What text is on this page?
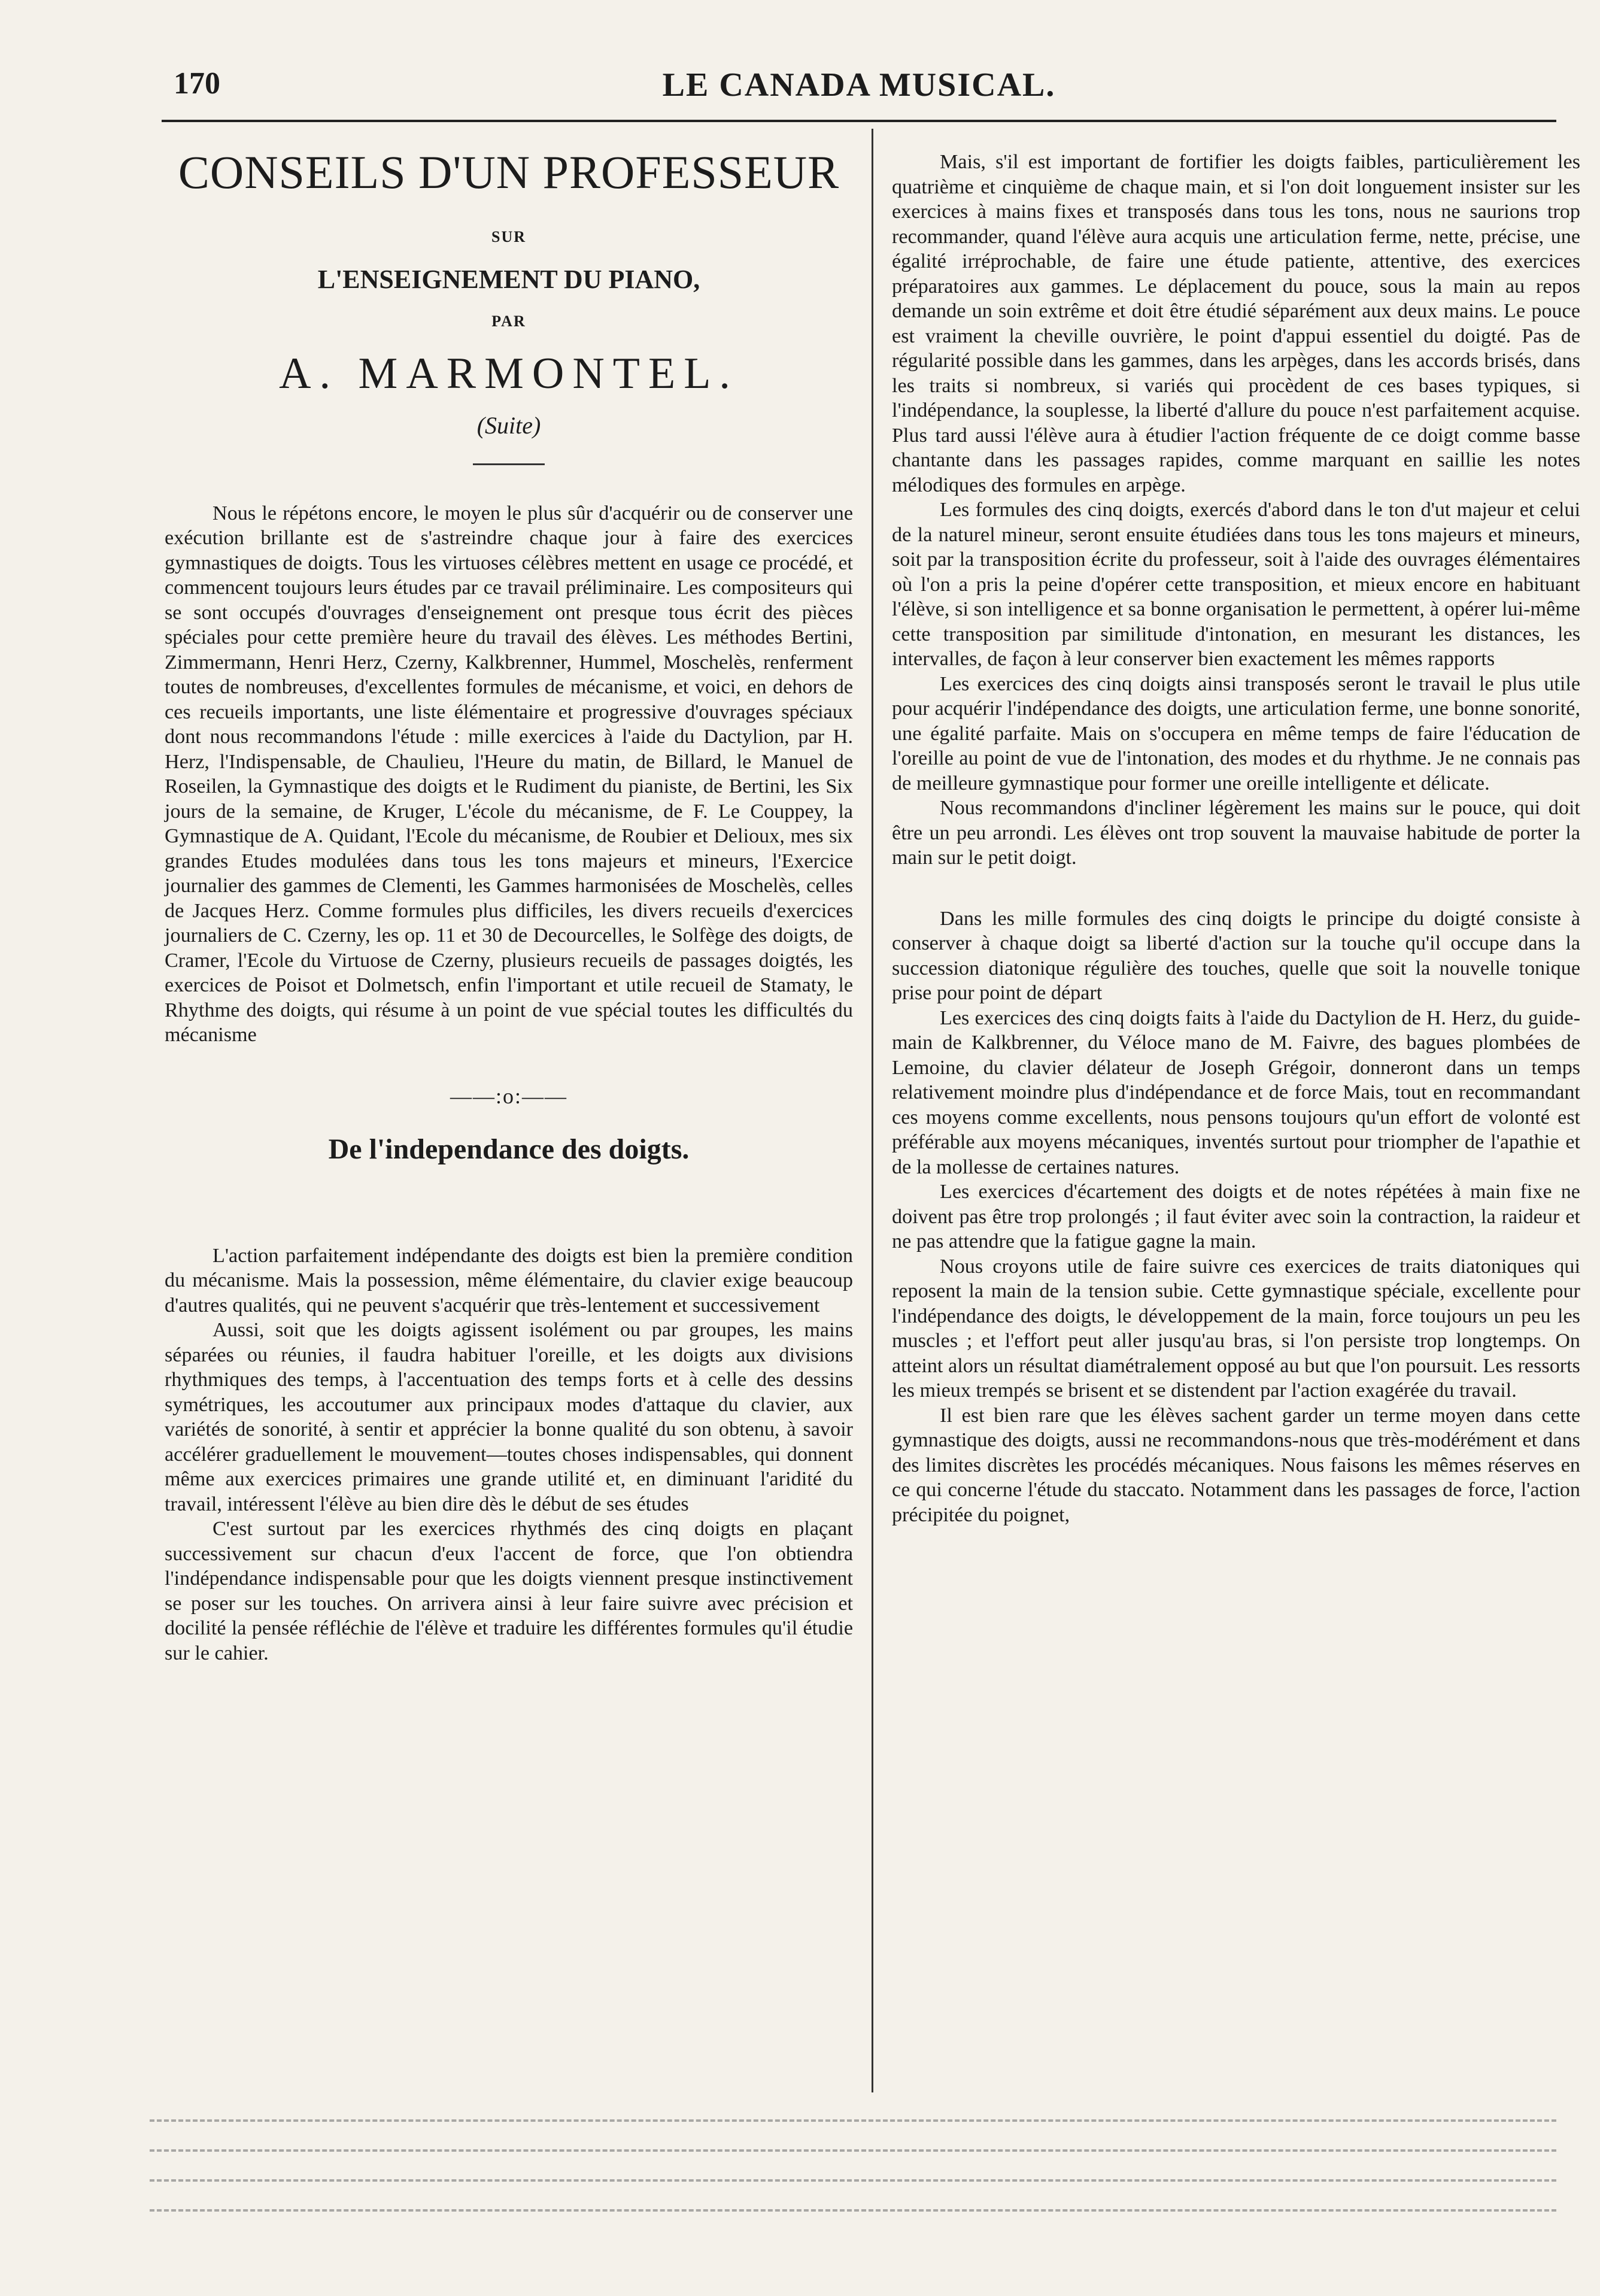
170	LE CANADA MUSICAL.
CONSEILS D'UN PROFESSEUR
SUR
L'ENSEIGNEMENT DU PIANO,
PAR
A. MARMONTEL.
(Suite)

Nous le répétons encore, le moyen le plus sûr d'acquérir ou de conserver une exécution brillante est de s'astreindre chaque jour à faire des exercices gymnastiques de doigts. Tous les virtuoses célèbres mettent en usage ce procédé, et commencent toujours leurs études par ce travail préliminaire. Les compositeurs qui se sont occupés d'ouvrages d'enseignement ont presque tous écrit des pièces spéciales pour cette première heure du travail des élèves. Les méthodes Bertini, Zimmermann, Henri Herz, Czerny, Kalkbrenner, Hummel, Moschelès, renferment toutes de nombreuses, d'excellentes formules de mécanisme, et voici, en dehors de ces recueils importants, une liste élémentaire et progressive d'ouvrages spéciaux dont nous recommandons l'étude : mille exercices à l'aide du Dactylion, par H. Herz, l'Indispensable, de Chaulieu, l'Heure du matin, de Billard, le Manuel de Roseilen, la Gymnastique des doigts et le Rudiment du pianiste, de Bertini, les Six jours de la semaine, de Kruger, L'école du mécanisme, de F. Le Couppey, la Gymnastique de A. Quidant, l'Ecole du mécanisme, de Roubier et Delioux, mes six grandes Etudes modulées dans tous les tons majeurs et mineurs, l'Exercice journalier des gammes de Clementi, les Gammes harmonisées de Moschelès, celles de Jacques Herz. Comme formules plus difficiles, les divers recueils d'exercices journaliers de C. Czerny, les op. 11 et 30 de Decourcelles, le Solfège des doigts, de Cramer, l'Ecole du Virtuose de Czerny, plusieurs recueils de passages doigtés, les exercices de Poisot et Dolmetsch, enfin l'important et utile recueil de Stamaty, le Rhythme des doigts, qui résume à un point de vue spécial toutes les difficultés du mécanisme

——:o:——
De l'independance des doigts.

L'action parfaitement indépendante des doigts est bien la première condition du mécanisme. Mais la possession, même élémentaire, du clavier exige beaucoup d'autres qualités, qui ne peuvent s'acquérir que très-lentement et successivement

Aussi, soit que les doigts agissent isolément ou par groupes, les mains séparées ou réunies, il faudra habituer l'oreille, et les doigts aux divisions rhythmiques des temps, à l'accentuation des temps forts et à celle des dessins symétriques, les accoutumer aux principaux modes d'attaque du clavier, aux variétés de sonorité, à sentir et apprécier la bonne qualité du son obtenu, à savoir accélérer graduellement le mouvement—toutes choses indispensables, qui donnent même aux exercices primaires une grande utilité et, en diminuant l'aridité du travail, intéressent l'élève au bien dire dès le début de ses études

C'est surtout par les exercices rhythmés des cinq doigts en plaçant successivement sur chacun d'eux l'accent de force, que l'on obtiendra l'indépendance indispensable pour que les doigts viennent presque instinctivement se poser sur les touches. On arrivera ainsi à leur faire suivre avec précision et docilité la pensée réfléchie de l'élève et traduire les différentes formules qu'il étudie sur le cahier.

Mais, s'il est important de fortifier les doigts faibles, particulièrement les quatrième et cinquième de chaque main, et si l'on doit longuement insister sur les exercices à mains fixes et transposés dans tous les tons, nous ne saurions trop recommander, quand l'élève aura acquis une articulation ferme, nette, précise, une égalité irréprochable, de faire une étude patiente, attentive, des exercices préparatoires aux gammes. Le déplacement du pouce, sous la main au repos demande un soin extrême et doit être étudié séparément aux deux mains. Le pouce est vraiment la cheville ouvrière, le point d'appui essentiel du doigté. Pas de régularité possible dans les gammes, dans les arpèges, dans les accords brisés, dans les traits si nombreux, si variés qui procèdent de ces bases typiques, si l'indépendance, la souplesse, la liberté d'allure du pouce n'est parfaitement acquise. Plus tard aussi l'élève aura à étudier l'action fréquente de ce doigt comme basse chantante dans les passages rapides, comme marquant en saillie les notes mélodiques des formules en arpège.

Les formules des cinq doigts, exercés d'abord dans le ton d'ut majeur et celui de la naturel mineur, seront ensuite étudiées dans tous les tons majeurs et mineurs, soit par la transposition écrite du professeur, soit à l'aide des ouvrages élémentaires où l'on a pris la peine d'opérer cette transposition, et mieux encore en habituant l'élève, si son intelligence et sa bonne organisation le permettent, à opérer lui-même cette transposition par similitude d'intonation, en mesurant les distances, les intervalles, de façon à leur conserver bien exactement les mêmes rapports

Les exercices des cinq doigts ainsi transposés seront le travail le plus utile pour acquérir l'indépendance des doigts, une articulation ferme, une bonne sonorité, une égalité parfaite. Mais on s'occupera en même temps de faire l'éducation de l'oreille au point de vue de l'intonation, des modes et du rhythme. Je ne connais pas de meilleure gymnastique pour former une oreille intelligente et délicate.

Nous recommandons d'incliner légèrement les mains sur le pouce, qui doit être un peu arrondi. Les élèves ont trop souvent la mauvaise habitude de porter la main sur le petit doigt.

Dans les mille formules des cinq doigts le principe du doigté consiste à conserver à chaque doigt sa liberté d'action sur la touche qu'il occupe dans la succession diatonique régulière des touches, quelle que soit la nouvelle tonique prise pour point de départ

Les exercices des cinq doigts faits à l'aide du Dactylion de H. Herz, du guide-main de Kalkbrenner, du Véloce mano de M. Faivre, des bagues plombées de Lemoine, du clavier délateur de Joseph Grégoir, donneront dans un temps relativement moindre plus d'indépendance et de force Mais, tout en recommandant ces moyens comme excellents, nous pensons toujours qu'un effort de volonté est préférable aux moyens mécaniques, inventés surtout pour triompher de l'apathie et de la mollesse de certaines natures.

Les exercices d'écartement des doigts et de notes répétées à main fixe ne doivent pas être trop prolongés ; il faut éviter avec soin la contraction, la raideur et ne pas attendre que la fatigue gagne la main.

Nous croyons utile de faire suivre ces exercices de traits diatoniques qui reposent la main de la tension subie. Cette gymnastique spéciale, excellente pour l'indépendance des doigts, le développement de la main, force toujours un peu les muscles ; et l'effort peut aller jusqu'au bras, si l'on persiste trop longtemps. On atteint alors un résultat diamétralement opposé au but que l'on poursuit. Les ressorts les mieux trempés se brisent et se distendent par l'action exagérée du travail.

Il est bien rare que les élèves sachent garder un terme moyen dans cette gymnastique des doigts, aussi ne recommandons-nous que très-modérément et dans des limites discrètes les procédés mécaniques. Nous faisons les mêmes réserves en ce qui concerne l'étude du staccato. Notamment dans les passages de force, l'action précipitée du poignet,
